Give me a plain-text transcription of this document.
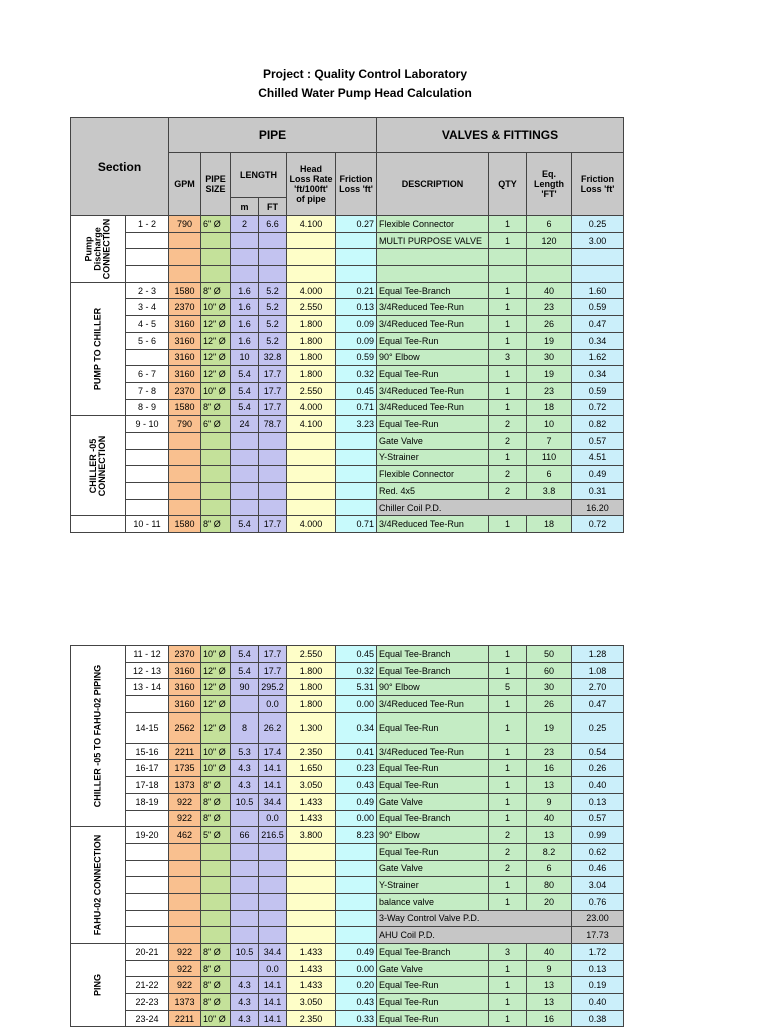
Project : Quality Control Laboratory
Chilled Water Pump Head Calculation
Section		PIPE						VALVES & FITTINGS			
		GPM	PIPE SIZE	LENGTH		Head Loss Rate 'ft/100ft' of pipe	Friction Loss 'ft'	DESCRIPTION	QTY	Eq. Length 'FT'	Friction Loss 'ft'
				m	FT						

Pump Discharge CONNECTION	1 - 2	790	6" Ø	2	6.6	4.100	0.27	Flexible Connector	1	6	0.25
								MULTI PURPOSE VALVE	1	120	3.00

PUMP TO CHILLER	2 - 3	1580	8" Ø	1.6	5.2	4.000	0.21	Equal Tee-Branch	1	40	1.60
	3 - 4	2370	10" Ø	1.6	5.2	2.550	0.13	3/4Reduced Tee-Run	1	23	0.59
	4 - 5	3160	12" Ø	1.6	5.2	1.800	0.09	3/4Reduced Tee-Run	1	26	0.47
	5 - 6	3160	12" Ø	1.6	5.2	1.800	0.09	Equal Tee-Run	1	19	0.34
		3160	12" Ø	10	32.8	1.800	0.59	90° Elbow	3	30	1.62
	6 - 7	3160	12" Ø	5.4	17.7	1.800	0.32	Equal Tee-Run	1	19	0.34
	7 - 8	2370	10" Ø	5.4	17.7	2.550	0.45	3/4Reduced Tee-Run	1	23	0.59
	8 - 9	1580	8" Ø	5.4	17.7	4.000	0.71	3/4Reduced Tee-Run	1	18	0.72

CHILLER -05 CONNECTION	9 - 10	790	6" Ø	24	78.7	4.100	3.23	Equal Tee-Run	2	10	0.82
								Gate Valve	2	7	0.57
								Y-Strainer	1	110	4.51
								Flexible Connector	2	6	0.49
								Red. 4x5	2	3.8	0.31
								Chiller Coil P.D.			16.20

	10 - 11	1580	8" Ø	5.4	17.7	4.000	0.71	3/4Reduced Tee-Run	1	18	0.72
CHILLER -05 TO FAHU-02 PIPING	11 - 12	2370	10" Ø	5.4	17.7	2.550	0.45	Equal Tee-Branch	1	50	1.28
	12 - 13	3160	12" Ø	5.4	17.7	1.800	0.32	Equal Tee-Branch	1	60	1.08
	13 - 14	3160	12" Ø	90	295.2	1.800	5.31	90° Elbow	5	30	2.70
		3160	12" Ø		0.0	1.800	0.00	3/4Reduced Tee-Run	1	26	0.47
	14-15	2562	12" Ø	8	26.2	1.300	0.34	Equal Tee-Run	1	19	0.25
	15-16	2211	10" Ø	5.3	17.4	2.350	0.41	3/4Reduced Tee-Run	1	23	0.54
	16-17	1735	10" Ø	4.3	14.1	1.650	0.23	Equal Tee-Run	1	16	0.26
	17-18	1373	8" Ø	4.3	14.1	3.050	0.43	Equal Tee-Run	1	13	0.40
	18-19	922	8" Ø	10.5	34.4	1.433	0.49	Gate Valve	1	9	0.13
		922	8" Ø		0.0	1.433	0.00	Equal Tee-Branch	1	40	0.57

FAHU-02 CONNECTION	19-20	462	5" Ø	66	216.5	3.800	8.23	90° Elbow	2	13	0.99
								Equal Tee-Run	2	8.2	0.62
								Gate Valve	2	6	0.46
								Y-Strainer	1	80	3.04
								balance valve	1	20	0.76
								3-Way Control Valve P.D.			23.00
								AHU Coil P.D.			17.73

PING	20-21	922	8" Ø	10.5	34.4	1.433	0.49	Equal Tee-Branch	3	40	1.72
		922	8" Ø		0.0	1.433	0.00	Gate Valve	1	9	0.13
	21-22	922	8" Ø	4.3	14.1	1.433	0.20	Equal Tee-Run	1	13	0.19
	22-23	1373	8" Ø	4.3	14.1	3.050	0.43	Equal Tee-Run	1	13	0.40
	23-24	2211	10" Ø	4.3	14.1	2.350	0.33	Equal Tee-Run	1	16	0.38
